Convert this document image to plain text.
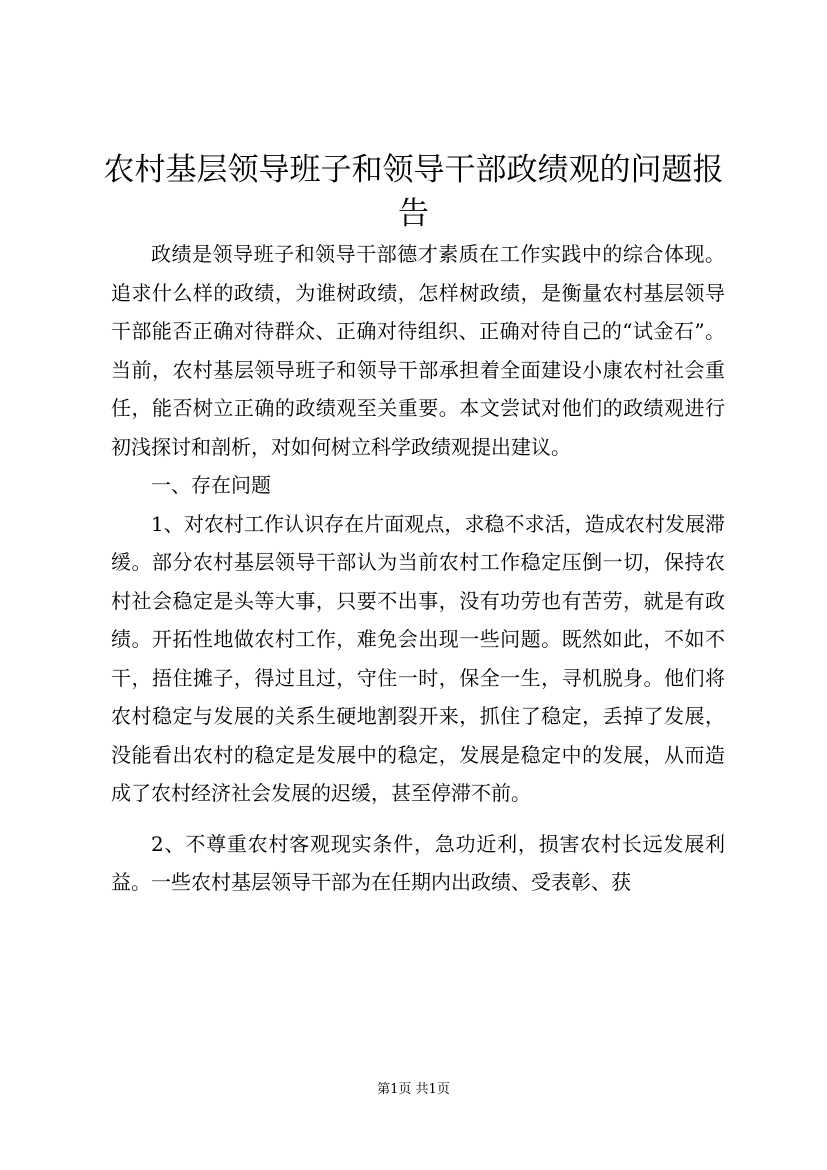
农村基层领导班子和领导干部政绩观的问题报告

政绩是领导班子和领导干部德才素质在工作实践中的综合体现。追求什么样的政绩，为谁树政绩，怎样树政绩，是衡量农村基层领导干部能否正确对待群众、正确对待组织、正确对待自己的“试金石”。当前，农村基层领导班子和领导干部承担着全面建设小康农村社会重任，能否树立正确的政绩观至关重要。本文尝试对他们的政绩观进行初浅探讨和剖析，对如何树立科学政绩观提出建议。

一、存在问题

1、对农村工作认识存在片面观点，求稳不求活，造成农村发展滞缓。部分农村基层领导干部认为当前农村工作稳定压倒一切，保持农村社会稳定是头等大事，只要不出事，没有功劳也有苦劳，就是有政绩。开拓性地做农村工作，难免会出现一些问题。既然如此，不如不干，捂住摊子，得过且过，守住一时，保全一生，寻机脱身。他们将农村稳定与发展的关系生硬地割裂开来，抓住了稳定，丢掉了发展，没能看出农村的稳定是发展中的稳定，发展是稳定中的发展，从而造成了农村经济社会发展的迟缓，甚至停滞不前。

2、不尊重农村客观现实条件，急功近利，损害农村长远发展利益。一些农村基层领导干部为在任期内出政绩、受表彰、获

第1页 共1页
